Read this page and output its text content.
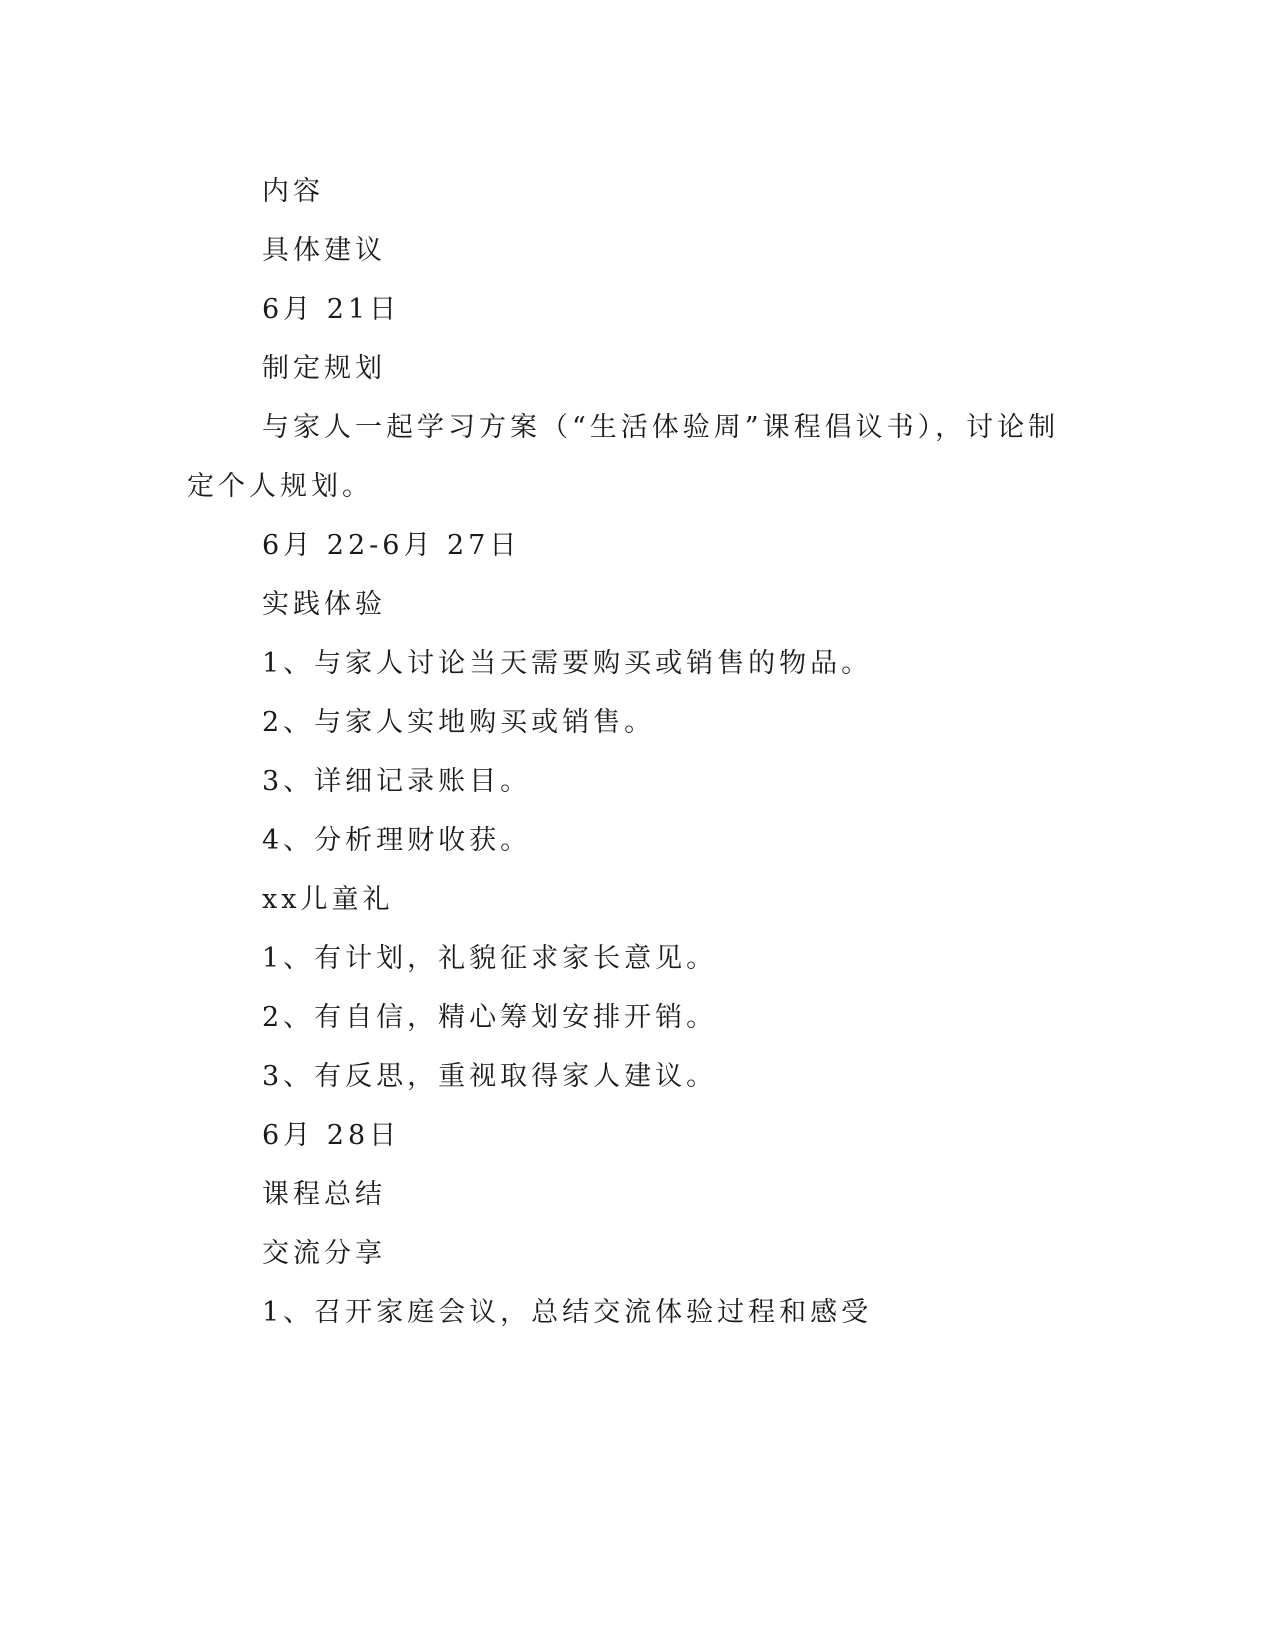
内容

具体建议

6月 21日

制定规划

与家人一起学习方案（“生活体验周”课程倡议书），讨论制定个人规划。

6月 22-6月 27日

实践体验

1、与家人讨论当天需要购买或销售的物品。

2、与家人实地购买或销售。

3、详细记录账目。

4、分析理财收获。

xx儿童礼

1、有计划，礼貌征求家长意见。

2、有自信，精心筹划安排开销。

3、有反思，重视取得家人建议。

6月 28日

课程总结

交流分享

1、召开家庭会议，总结交流体验过程和感受
